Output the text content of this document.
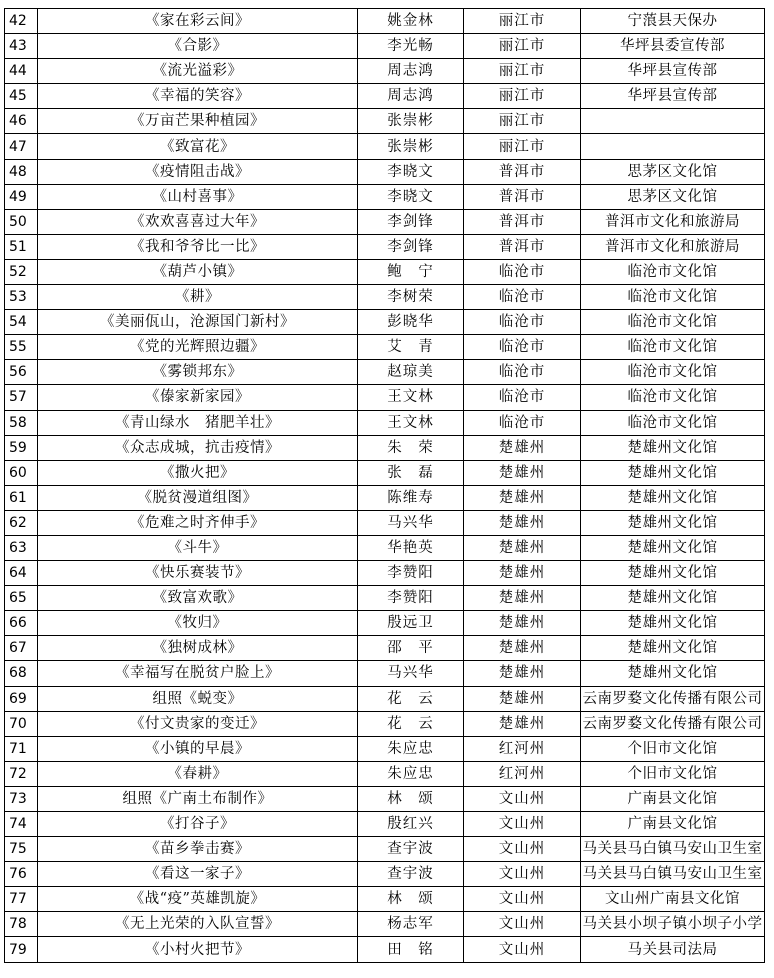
42	《家在彩云间》	姚金林	丽江市	宁蒗县天保办
43	《合影》	李光畅	丽江市	华坪县委宣传部
44	《流光溢彩》	周志鸿	丽江市	华坪县宣传部
45	《幸福的笑容》	周志鸿	丽江市	华坪县宣传部
46	《万亩芒果种植园》	张崇彬	丽江市	
47	《致富花》	张崇彬	丽江市	
48	《疫情阻击战》	李晓文	普洱市	思茅区文化馆
49	《山村喜事》	李晓文	普洱市	思茅区文化馆
50	《欢欢喜喜过大年》	李剑锋	普洱市	普洱市文化和旅游局
51	《我和爷爷比一比》	李剑锋	普洱市	普洱市文化和旅游局
52	《葫芦小镇》	鲍　宁	临沧市	临沧市文化馆
53	《耕》	李树荣	临沧市	临沧市文化馆
54	《美丽佤山，沧源国门新村》	彭晓华	临沧市	临沧市文化馆
55	《党的光辉照边疆》	艾　青	临沧市	临沧市文化馆
56	《雾锁邦东》	赵琼美	临沧市	临沧市文化馆
57	《傣家新家园》	王文林	临沧市	临沧市文化馆
58	《青山绿水　猪肥羊壮》	王文林	临沧市	临沧市文化馆
59	《众志成城，抗击疫情》	朱　荣	楚雄州	楚雄州文化馆
60	《撒火把》	张　磊	楚雄州	楚雄州文化馆
61	《脱贫漫道组图》	陈维寿	楚雄州	楚雄州文化馆
62	《危难之时齐伸手》	马兴华	楚雄州	楚雄州文化馆
63	《斗牛》	华艳英	楚雄州	楚雄州文化馆
64	《快乐赛装节》	李赞阳	楚雄州	楚雄州文化馆
65	《致富欢歌》	李赞阳	楚雄州	楚雄州文化馆
66	《牧归》	殷远卫	楚雄州	楚雄州文化馆
67	《独树成林》	邵　平	楚雄州	楚雄州文化馆
68	《幸福写在脱贫户脸上》	马兴华	楚雄州	楚雄州文化馆
69	组照《蜕变》	花　云	楚雄州	云南罗婺文化传播有限公司
70	《付文贵家的变迁》	花　云	楚雄州	云南罗婺文化传播有限公司
71	《小镇的早晨》	朱应忠	红河州	个旧市文化馆
72	《春耕》	朱应忠	红河州	个旧市文化馆
73	组照《广南土布制作》	林　颂	文山州	广南县文化馆
74	《打谷子》	殷红兴	文山州	广南县文化馆
75	《苗乡拳击赛》	查宇波	文山州	马关县马白镇马安山卫生室
76	《看这一家子》	查宇波	文山州	马关县马白镇马安山卫生室
77	《战“疫”英雄凯旋》	林　颂	文山州	文山州广南县文化馆
78	《无上光荣的入队宣誓》	杨志军	文山州	马关县小坝子镇小坝子小学
79	《小村火把节》	田　铭	文山州	马关县司法局
